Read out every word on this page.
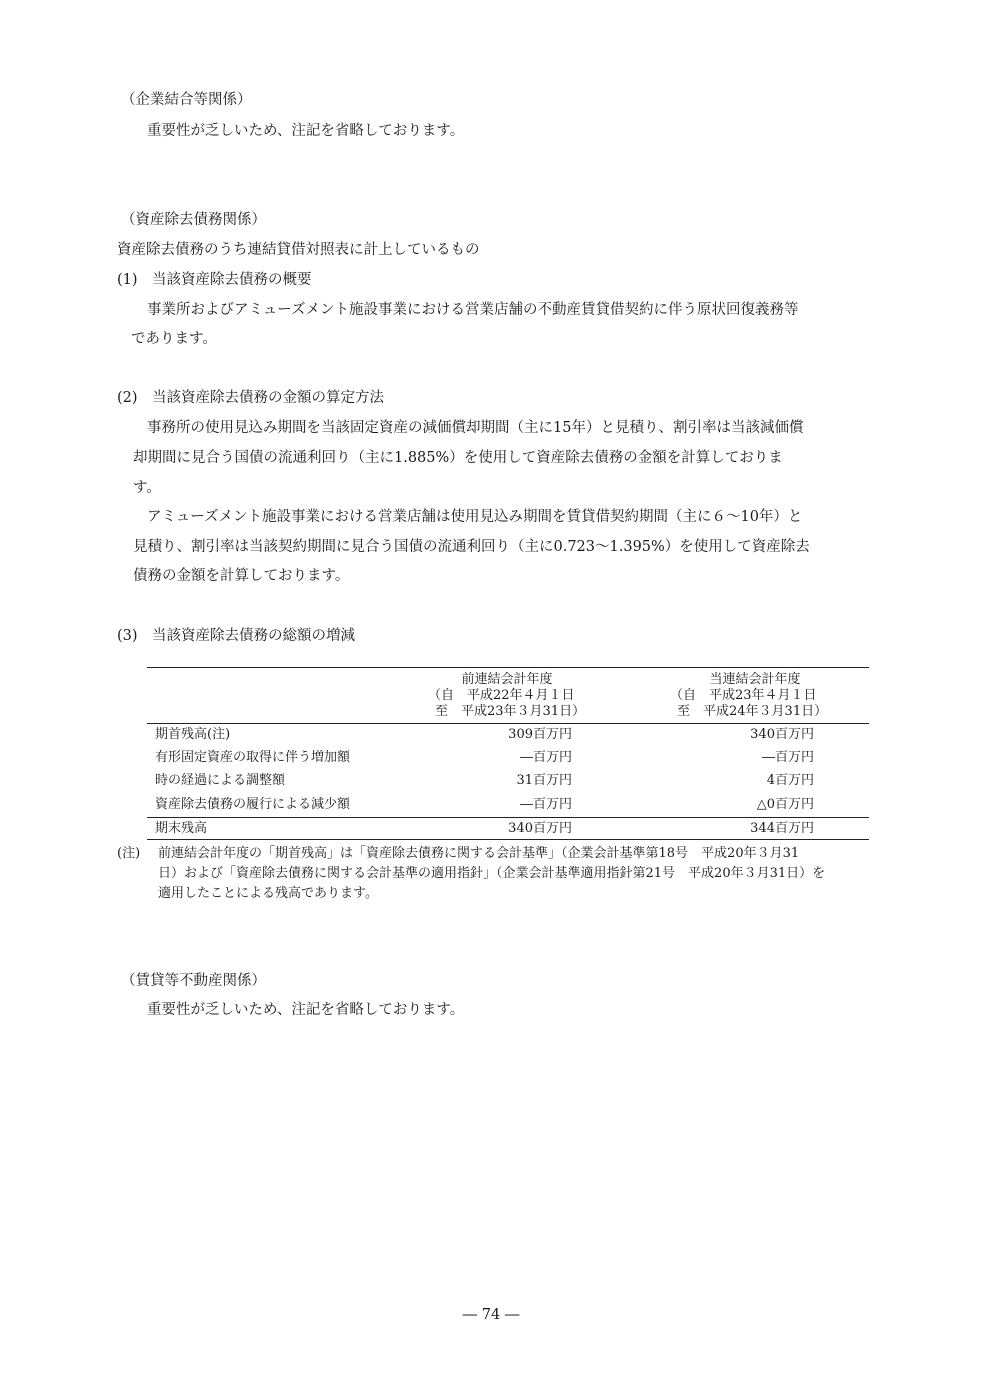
（企業結合等関係）
重要性が乏しいため、注記を省略しております。
（資産除去債務関係）
資産除去債務のうち連結貸借対照表に計上しているもの
(1)　当該資産除去債務の概要
事業所およびアミューズメント施設事業における営業店舗の不動産賃貸借契約に伴う原状回復義務等
であります。
(2)　当該資産除去債務の金額の算定方法
事務所の使用見込み期間を当該固定資産の減価償却期間（主に15年）と見積り、割引率は当該減価償
却期間に見合う国債の流通利回り（主に1.885%）を使用して資産除去債務の金額を計算しておりま
す。
アミューズメント施設事業における営業店舗は使用見込み期間を賃貸借契約期間（主に６～10年）と
見積り、割引率は当該契約期間に見合う国債の流通利回り（主に0.723～1.395%）を使用して資産除去
債務の金額を計算しております。
(3)　当該資産除去債務の総額の増減
前連結会計年度
（自　平成22年４月１日
至　平成23年３月31日）
当連結会計年度
（自　平成23年４月１日
至　平成24年３月31日）
期首残高(注)	309百万円	340百万円
有形固定資産の取得に伴う増加額	―百万円	―百万円
時の経過による調整額	31百万円	4百万円
資産除去債務の履行による減少額	―百万円	△0百万円
期末残高	340百万円	344百万円
(注) 前連結会計年度の「期首残高」は「資産除去債務に関する会計基準」（企業会計基準第18号　平成20年３月31
日）および「資産除去債務に関する会計基準の適用指針」（企業会計基準適用指針第21号　平成20年３月31日）を
適用したことによる残高であります。
（賃貸等不動産関係）
重要性が乏しいため、注記を省略しております。
― 74 ―
